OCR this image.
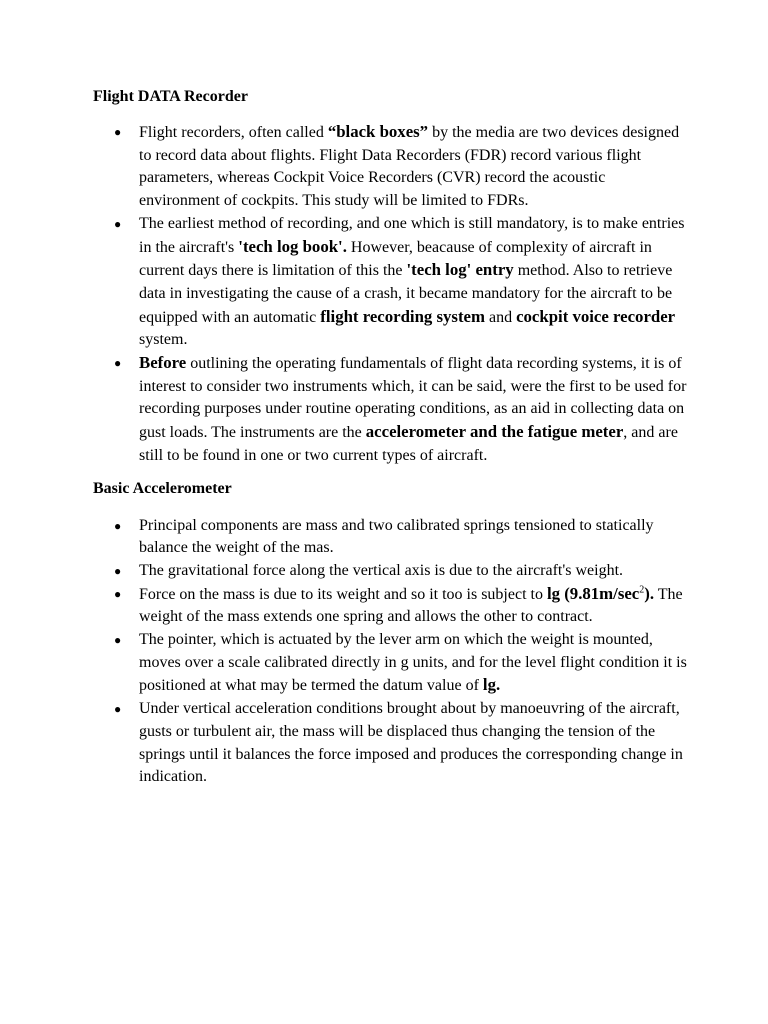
Flight DATA Recorder
● Flight recorders, often called “black boxes” by the media are two devices designed to record data about flights. Flight Data Recorders (FDR) record various flight parameters, whereas Cockpit Voice Recorders (CVR) record the acoustic environment of cockpits. This study will be limited to FDRs.
● The earliest method of recording, and one which is still mandatory, is to make entries in the aircraft's 'tech log book'. However, beacause of complexity of aircraft in current days there is limitation of this the 'tech log' entry method. Also to retrieve data in investigating the cause of a crash, it became mandatory for the aircraft to be equipped with an automatic flight recording system and cockpit voice recorder system.
● Before outlining the operating fundamentals of flight data recording systems, it is of interest to consider two instruments which, it can be said, were the first to be used for recording purposes under routine operating conditions, as an aid in collecting data on gust loads. The instruments are the accelerometer and the fatigue meter, and are still to be found in one or two current types of aircraft.
Basic Accelerometer
● Principal components are mass and two calibrated springs tensioned to statically balance the weight of the mas.
● The gravitational force along the vertical axis is due to the aircraft's weight.
● Force on the mass is due to its weight and so it too is subject to $\lg (9.81m/\sec^2)$. The weight of the mass extends one spring and allows the other to contract.
● The pointer, which is actuated by the lever arm on which the weight is mounted, moves over a scale calibrated directly in g units, and for the level flight condition it is positioned at what may be termed the datum value of lg.
● Under vertical acceleration conditions brought about by manoeuvring of the aircraft, gusts or turbulent air, the mass will be displaced thus changing the tension of the springs until it balances the force imposed and produces the corresponding change in indication.
